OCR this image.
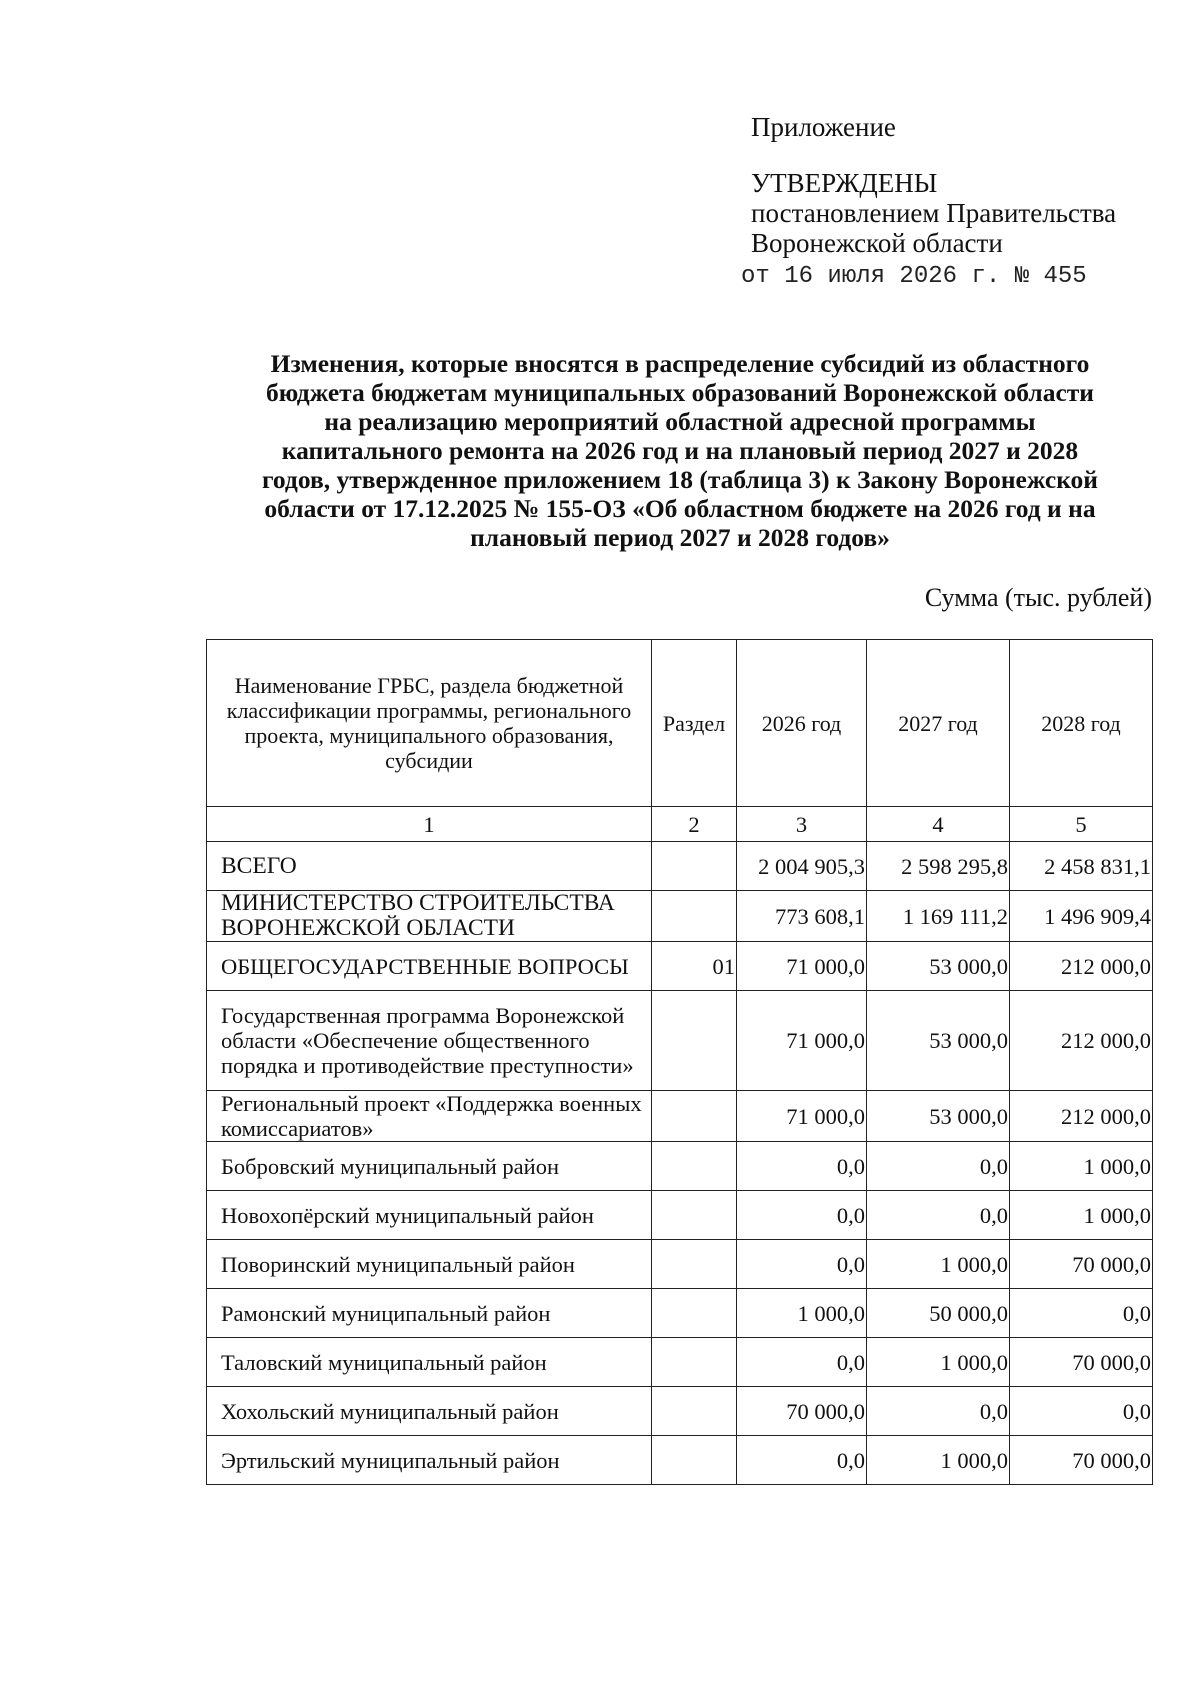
Приложение
УТВЕРЖДЕНЫ
постановлением Правительства
Воронежской области
от 16 июля 2026 г. № 455
Изменения, которые вносятся в распределение субсидий из областного
бюджета бюджетам муниципальных образований Воронежской области
на реализацию мероприятий областной адресной программы
капитального ремонта на 2026 год и на плановый период 2027 и 2028
годов, утвержденное приложением 18 (таблица 3) к Закону Воронежской
области от 17.12.2025 № 155-ОЗ «Об областном бюджете на 2026 год и на
плановый период 2027 и 2028 годов»
Сумма (тыс. рублей)
Наименование ГРБС, раздела бюджетной классификации программы, регионального проекта, муниципального образования, субсидии	Раздел	2026 год	2027 год	2028 год
1	2	3	4	5
ВСЕГО		2 004 905,3	2 598 295,8	2 458 831,1
МИНИСТЕРСТВО СТРОИТЕЛЬСТВА ВОРОНЕЖСКОЙ ОБЛАСТИ		773 608,1	1 169 111,2	1 496 909,4
ОБЩЕГОСУДАРСТВЕННЫЕ ВОПРОСЫ	01	71 000,0	53 000,0	212 000,0
Государственная программа Воронежской области «Обеспечение общественного порядка и противодействие преступности»		71 000,0	53 000,0	212 000,0
Региональный проект «Поддержка военных комиссариатов»		71 000,0	53 000,0	212 000,0
Бобровский муниципальный район		0,0	0,0	1 000,0
Новохопёрский муниципальный район		0,0	0,0	1 000,0
Поворинский муниципальный район		0,0	1 000,0	70 000,0
Рамонский муниципальный район		1 000,0	50 000,0	0,0
Таловский муниципальный район		0,0	1 000,0	70 000,0
Хохольский муниципальный район		70 000,0	0,0	0,0
Эртильский муниципальный район		0,0	1 000,0	70 000,0
